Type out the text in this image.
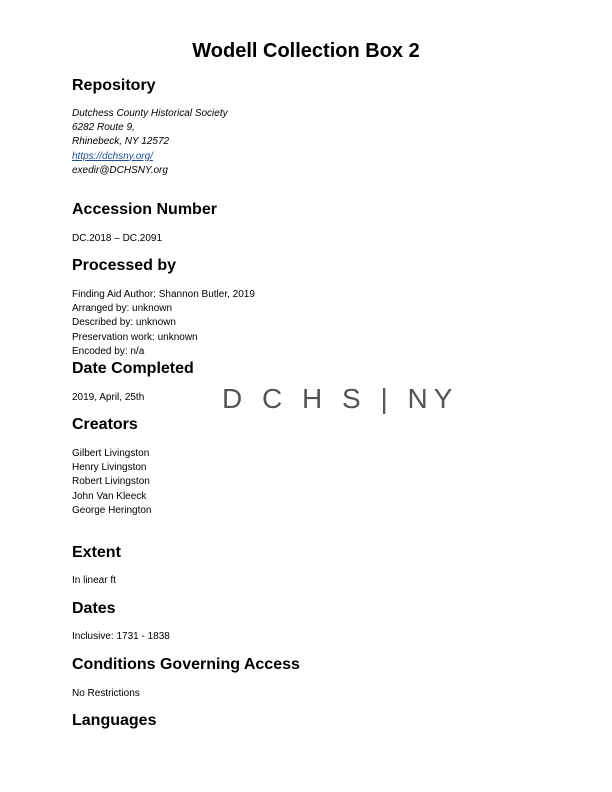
Wodell Collection Box 2
Repository
Dutchess County Historical Society
6282 Route 9,
Rhinebeck, NY 12572
https://dchsny.org/
exedir@DCHSNY.org
Accession Number
DC.2018 – DC.2091
Processed by
Finding Aid Author: Shannon Butler, 2019
Arranged by: unknown
Described by: unknown
Preservation work: unknown
Encoded by: n/a
Date Completed
2019, April, 25th	D C H S | NY
Creators
Gilbert Livingston
Henry Livingston
Robert Livingston
John Van Kleeck
George Herington
Extent
In linear ft
Dates
Inclusive: 1731 - 1838
Conditions Governing Access
No Restrictions
Languages
